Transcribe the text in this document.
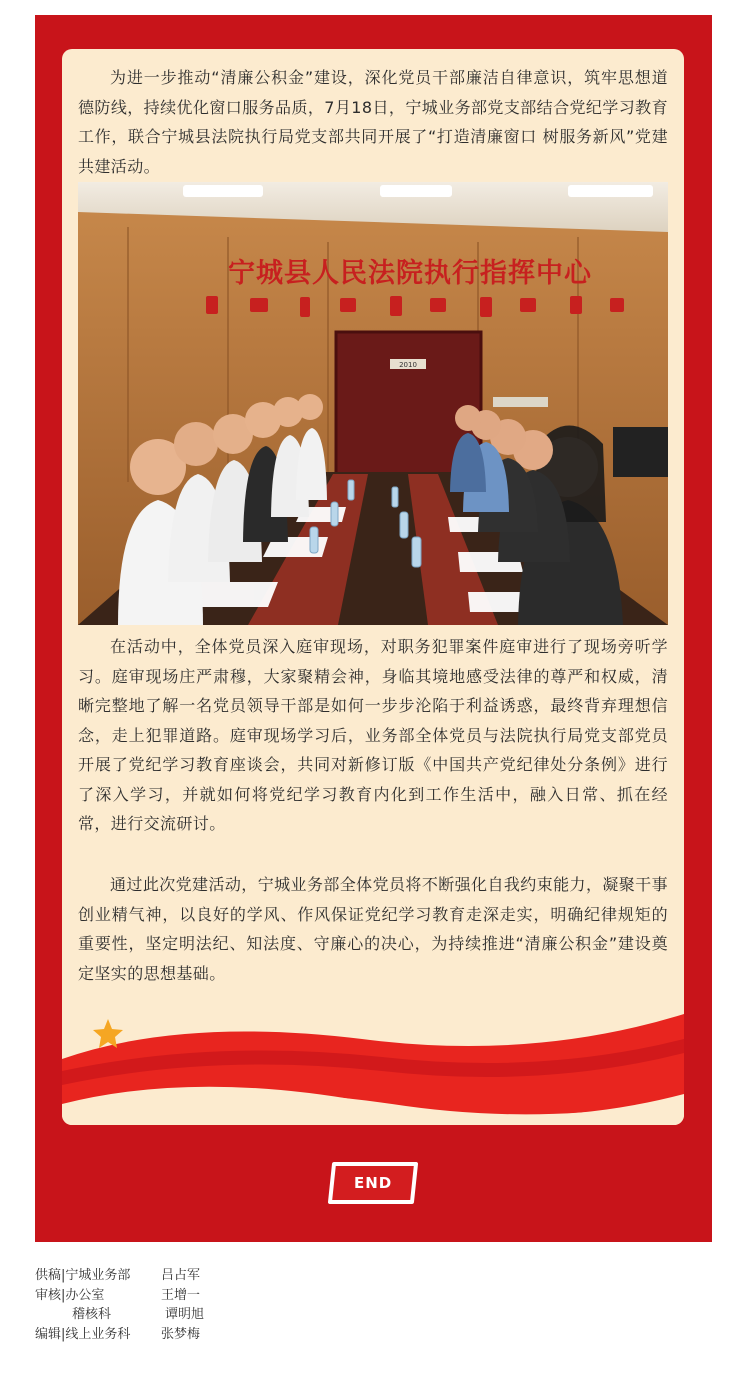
为进一步推动“清廉公积金”建设，深化党员干部廉洁自律意识，筑牢思想道德防线，持续优化窗口服务品质，7月18日，宁城业务部党支部结合党纪学习教育工作，联合宁城县法院执行局党支部共同开展了“打造清廉窗口 树服务新风”党建共建活动。

宁城县人民法院执行指挥中心
2010

在活动中，全体党员深入庭审现场，对职务犯罪案件庭审进行了现场旁听学习。庭审现场庄严肃穆，大家聚精会神，身临其境地感受法律的尊严和权威，清晰完整地了解一名党员领导干部是如何一步步沦陷于利益诱惑，最终背弃理想信念，走上犯罪道路。庭审现场学习后，业务部全体党员与法院执行局党支部党员开展了党纪学习教育座谈会，共同对新修订版《中国共产党纪律处分条例》进行了深入学习，并就如何将党纪学习教育内化到工作生活中，融入日常、抓在经常，进行交流研讨。

通过此次党建活动，宁城业务部全体党员将不断强化自我约束能力，凝聚干事创业精气神，以良好的学风、作风保证党纪学习教育走深走实，明确纪律规矩的重要性，坚定明法纪、知法度、守廉心的决心，为持续推进“清廉公积金”建设奠定坚实的思想基础。

END
供稿|宁城业务部 吕占军
审核|办公室	王增一
稽核科	谭明旭
编辑|线上业务科 张梦梅
